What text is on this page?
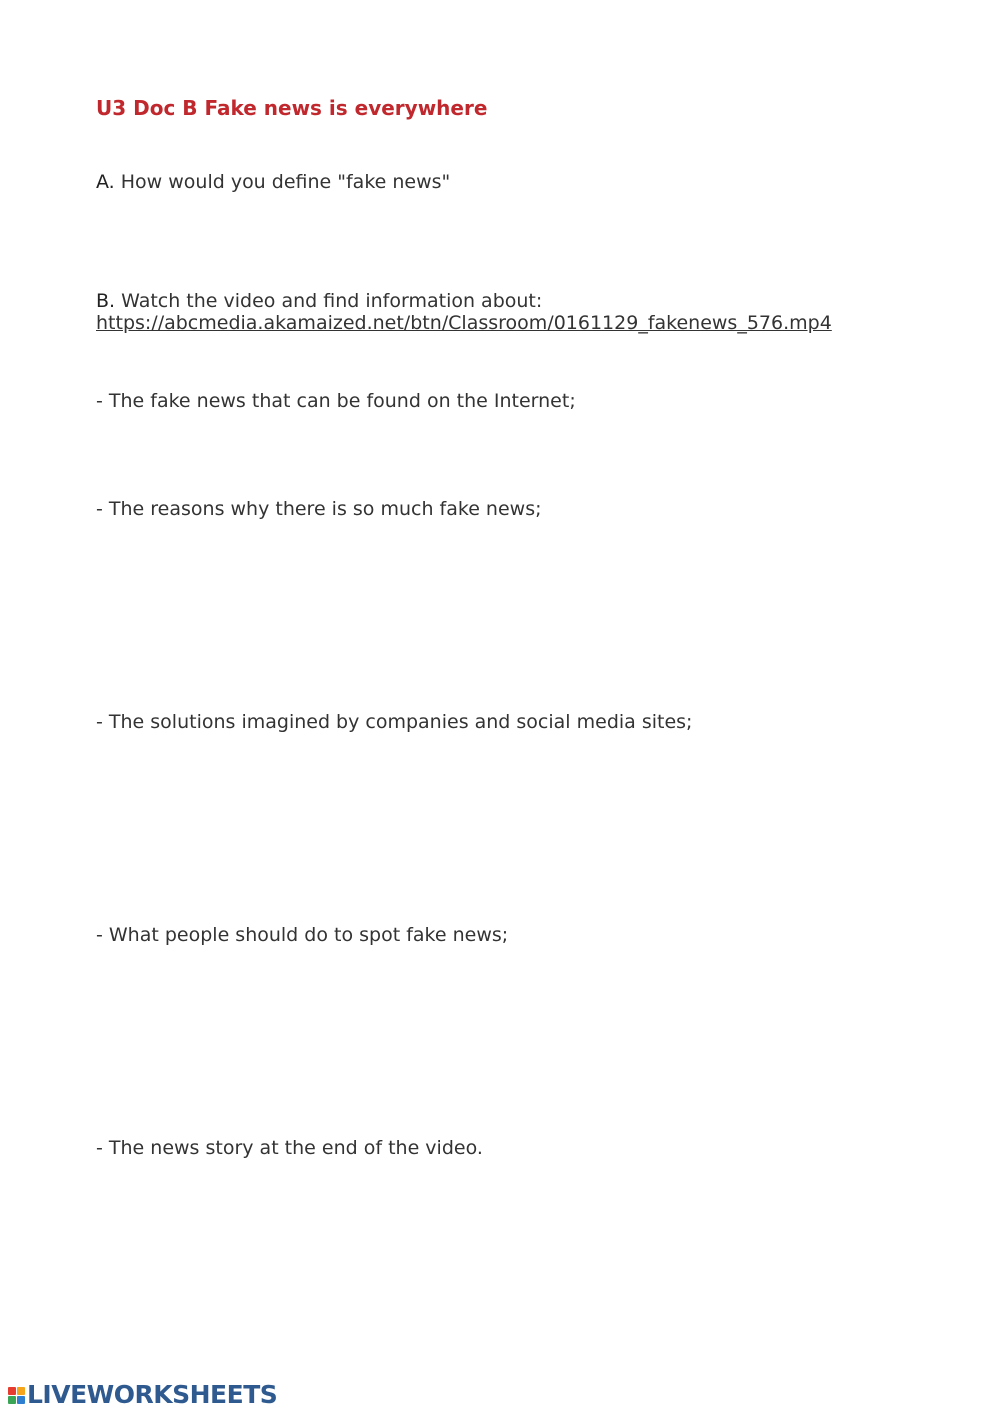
U3 Doc B Fake news is everywhere
A. How would you define "fake news"
B. Watch the video and find information about:
https://abcmedia.akamaized.net/btn/Classroom/0161129_fakenews_576.mp4
- The fake news that can be found on the Internet;
- The reasons why there is so much fake news;
- The solutions imagined by companies and social media sites;
- What people should do to spot fake news;
- The news story at the end of the video.
LIVEWORKSHEETS
